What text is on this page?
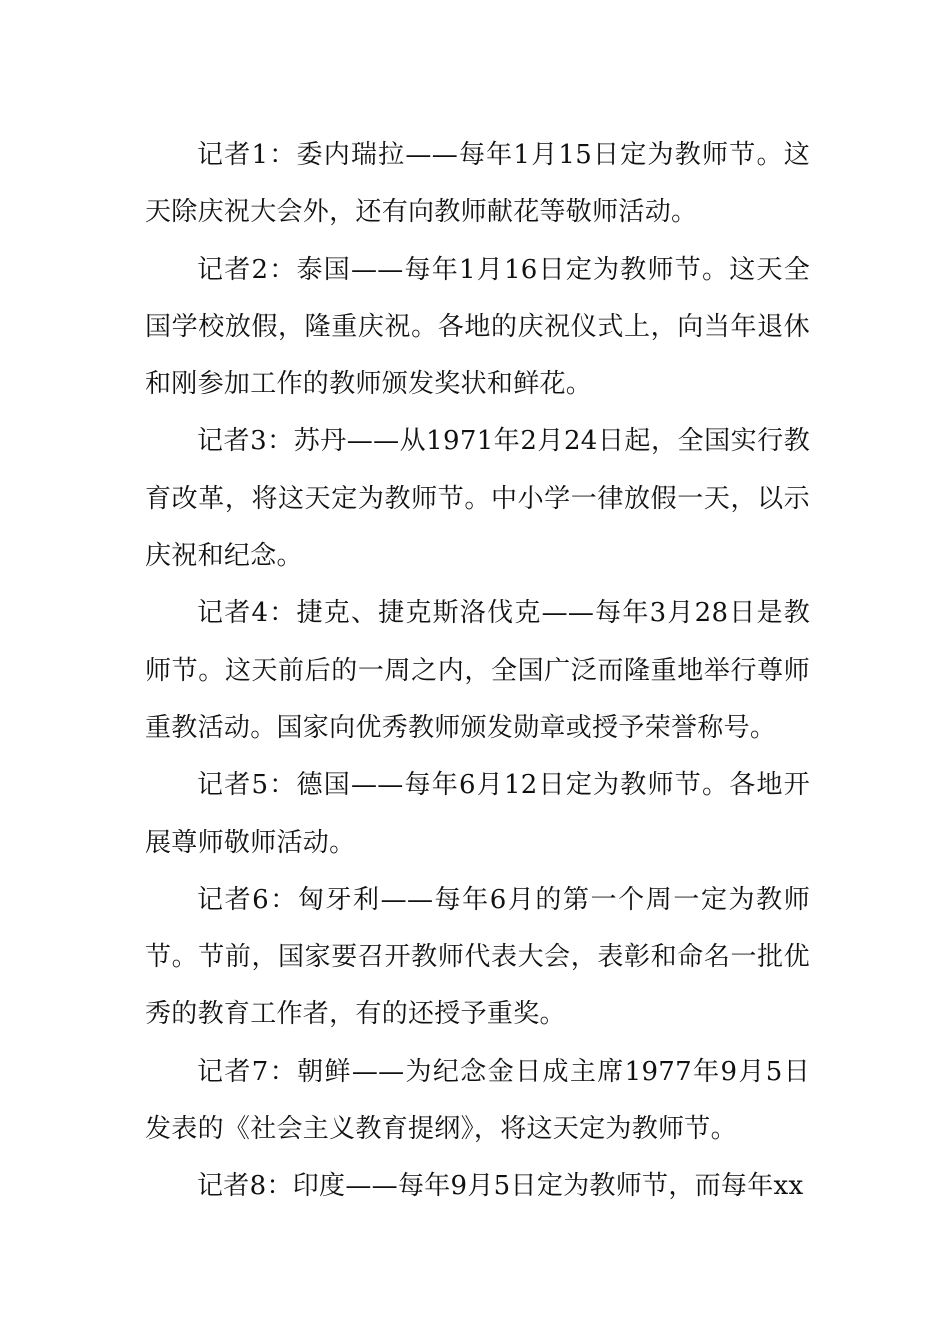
记者1：委内瑞拉——每年1月15日定为教师节。这天除庆祝大会外，还有向教师献花等敬师活动。

记者2：泰国——每年1月16日定为教师节。这天全国学校放假，隆重庆祝。各地的庆祝仪式上，向当年退休和刚参加工作的教师颁发奖状和鲜花。

记者3：苏丹——从1971年2月24日起，全国实行教育改革，将这天定为教师节。中小学一律放假一天，以示庆祝和纪念。

记者4：捷克、捷克斯洛伐克——每年3月28日是教师节。这天前后的一周之内，全国广泛而隆重地举行尊师重教活动。国家向优秀教师颁发勋章或授予荣誉称号。

记者5：德国——每年6月12日定为教师节。各地开展尊师敬师活动。

记者6：匈牙利——每年6月的第一个周一定为教师节。节前，国家要召开教师代表大会，表彰和命名一批优秀的教育工作者，有的还授予重奖。

记者7：朝鲜——为纪念金日成主席1977年9月5日发表的《社会主义教育提纲》，将这天定为教师节。

记者8：印度——每年9月5日定为教师节，而每年xx
